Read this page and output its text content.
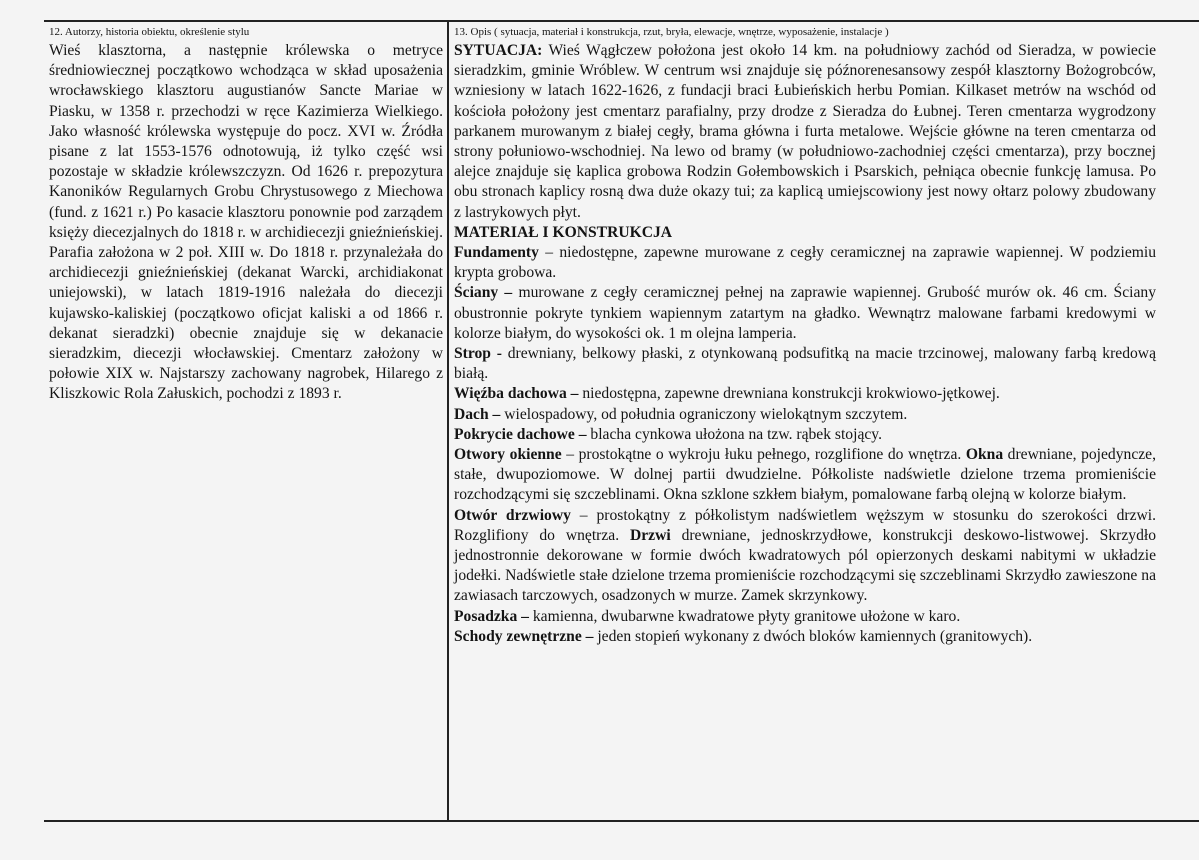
12. Autorzy, historia obiektu, określenie stylu

Wieś klasztorna, a następnie królewska o metryce średniowiecznej początkowo wchodząca w skład uposażenia wrocławskiego klasztoru augustianów Sancte Mariae w Piasku, w 1358 r. przechodzi w ręce Kazimierza Wielkiego. Jako własność królewska występuje do pocz. XVI w. Źródła pisane z lat 1553-1576 odnotowują, iż tylko część wsi pozostaje w składzie królewszczyzn. Od 1626 r. prepozytura Kanoników Regularnych Grobu Chrystusowego z Miechowa (fund. z 1621 r.) Po kasacie klasztoru ponownie pod zarządem księży diecezjalnych do 1818 r. w archidiecezji gnieźnieńskiej. Parafia założona w 2 poł. XIII w. Do 1818 r. przynależała do archidiecezji gnieźnieńskiej (dekanat Warcki, archidiakonat uniejowski), w latach 1819-1916 należała do diecezji kujawsko-kaliskiej (początkowo oficjat kaliski a od 1866 r. dekanat sieradzki) obecnie znajduje się w dekanacie sieradzkim, diecezji włocławskiej. Cmentarz założony w połowie XIX w. Najstarszy zachowany nagrobek, Hilarego z Kliszkowic Rola Załuskich, pochodzi z 1893 r.

13. Opis ( sytuacja, materiał i konstrukcja, rzut, bryła, elewacje, wnętrze, wyposażenie, instalacje )

SYTUACJA: Wieś Wągłczew położona jest około 14 km. na południowy zachód od Sieradza, w powiecie sieradzkim, gminie Wróblew. W centrum wsi znajduje się późnorenesansowy zespół klasztorny Bożogrobców, wzniesiony w latach 1622-1626, z fundacji braci Łubieńskich herbu Pomian. Kilkaset metrów na wschód od kościoła położony jest cmentarz parafialny, przy drodze z Sieradza do Łubnej. Teren cmentarza wygrodzony parkanem murowanym z białej cegły, brama główna i furta metalowe. Wejście główne na teren cmentarza od strony połuniowo-wschodniej. Na lewo od bramy (w południowo-zachodniej części cmentarza), przy bocznej alejce znajduje się kaplica grobowa Rodzin Gołembowskich i Psarskich, pełniąca obecnie funkcję lamusa. Po obu stronach kaplicy rosną dwa duże okazy tui; za kaplicą umiejscowiony jest nowy ołtarz polowy zbudowany z lastrykowych płyt.

MATERIAŁ I KONSTRUKCJA

Fundamenty – niedostępne, zapewne murowane z cegły ceramicznej na zaprawie wapiennej. W podziemiu krypta grobowa.

Ściany – murowane z cegły ceramicznej pełnej na zaprawie wapiennej. Grubość murów ok. 46 cm. Ściany obustronnie pokryte tynkiem wapiennym zatartym na gładko. Wewnątrz malowane farbami kredowymi w kolorze białym, do wysokości ok. 1 m olejna lamperia.

Strop - drewniany, belkowy płaski, z otynkowaną podsufitką na macie trzcinowej, malowany farbą kredową białą.

Więźba dachowa – niedostępna, zapewne drewniana konstrukcji krokwiowo-jętkowej.

Dach – wielospadowy, od południa ograniczony wielokątnym szczytem.

Pokrycie dachowe – blacha cynkowa ułożona na tzw. rąbek stojący.

Otwory okienne – prostokątne o wykroju łuku pełnego, rozglifione do wnętrza. Okna drewniane, pojedyncze, stałe, dwupoziomowe. W dolnej partii dwudzielne. Półkoliste nadświetle dzielone trzema promieniście rozchodzącymi się szczeblinami. Okna szklone szkłem białym, pomalowane farbą olejną w kolorze białym.

Otwór drzwiowy – prostokątny z półkolistym nadświetlem węższym w stosunku do szerokości drzwi. Rozglifiony do wnętrza. Drzwi drewniane, jednoskrzydłowe, konstrukcji deskowo-listwowej. Skrzydło jednostronnie dekorowane w formie dwóch kwadratowych pól opierzonych deskami nabitymi w układzie jodełki. Nadświetle stałe dzielone trzema promieniście rozchodzącymi się szczeblinami Skrzydło zawieszone na zawiasach tarczowych, osadzonych w murze. Zamek skrzynkowy.

Posadzka – kamienna, dwubarwne kwadratowe płyty granitowe ułożone w karo.

Schody zewnętrzne – jeden stopień wykonany z dwóch bloków kamiennych (granitowych).
